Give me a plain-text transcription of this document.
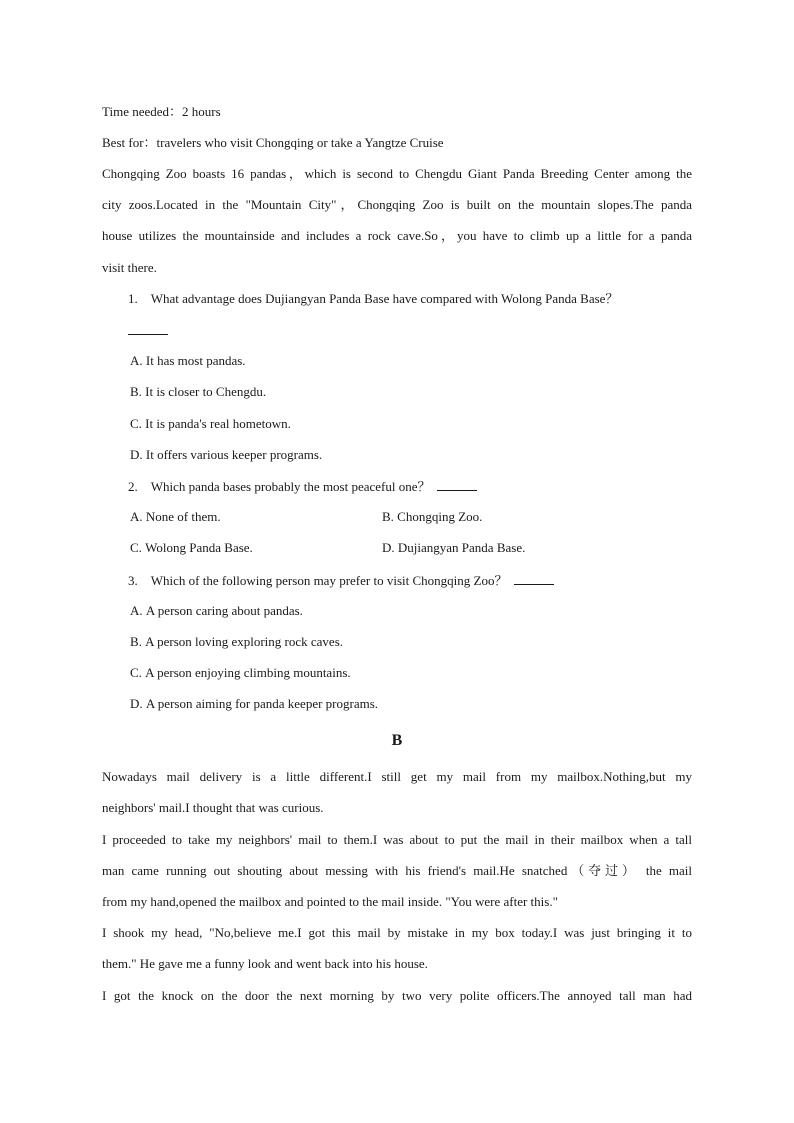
Time needed：2 hours
Best for：travelers who visit Chongqing or take a Yangtze Cruise
Chongqing Zoo boasts 16 pandas，which is second to Chengdu Giant Panda Breeding Center among the
city zoos.Located in the "Mountain City"，Chongqing Zoo is built on the mountain slopes.The panda
house utilizes the mountainside and includes a rock cave.So，you have to climb up a little for a panda
visit there.
1. What advantage does Dujiangyan Panda Base have compared with Wolong Panda Base？
A. It has most pandas.
B. It is closer to Chengdu.
C. It is panda's real hometown.
D. It offers various keeper programs.
2. Which panda bases probably the most peaceful one？
A. None of them.	B. Chongqing Zoo.
C. Wolong Panda Base.	D. Dujiangyan Panda Base.
3. Which of the following person may prefer to visit Chongqing Zoo？
A. A person caring about pandas.
B. A person loving exploring rock caves.
C. A person enjoying climbing mountains.
D. A person aiming for panda keeper programs.
B
Nowadays mail delivery is a little different.I still get my mail from my mailbox.Nothing,but my
neighbors' mail.I thought that was curious.
I proceeded to take my neighbors' mail to them.I was about to put the mail in their mailbox when a tall
man came running out shouting about messing with his friend's mail.He snatched（夺过） the mail
from my hand,opened the mailbox and pointed to the mail inside. "You were after this."
I shook my head, "No,believe me.I got this mail by mistake in my box today.I was just bringing it to
them." He gave me a funny look and went back into his house.
I got the knock on the door the next morning by two very polite officers.The annoyed tall man had
